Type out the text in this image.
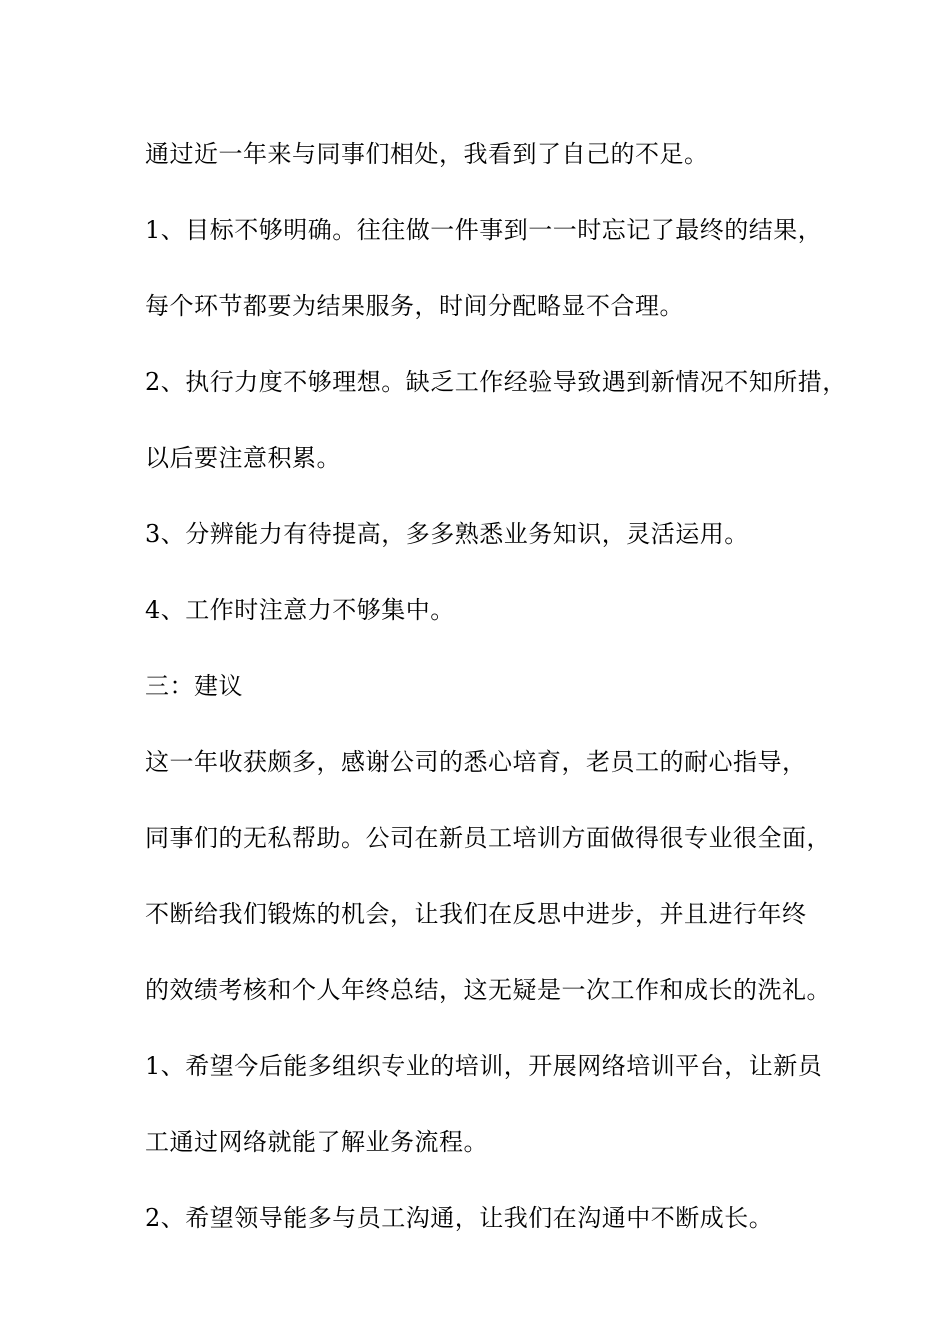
通过近一年来与同事们相处，我看到了自己的不足。
1、目标不够明确。往往做一件事到一一时忘记了最终的结果，
每个环节都要为结果服务，时间分配略显不合理。
2、执行力度不够理想。缺乏工作经验导致遇到新情况不知所措，
以后要注意积累。
3、分辨能力有待提高，多多熟悉业务知识，灵活运用。
4、工作时注意力不够集中。
三：建议
这一年收获颇多，感谢公司的悉心培育，老员工的耐心指导，
同事们的无私帮助。公司在新员工培训方面做得很专业很全面，
不断给我们锻炼的机会，让我们在反思中进步，并且进行年终
的效绩考核和个人年终总结，这无疑是一次工作和成长的洗礼。
1、希望今后能多组织专业的培训，开展网络培训平台，让新员
工通过网络就能了解业务流程。
2、希望领导能多与员工沟通，让我们在沟通中不断成长。
